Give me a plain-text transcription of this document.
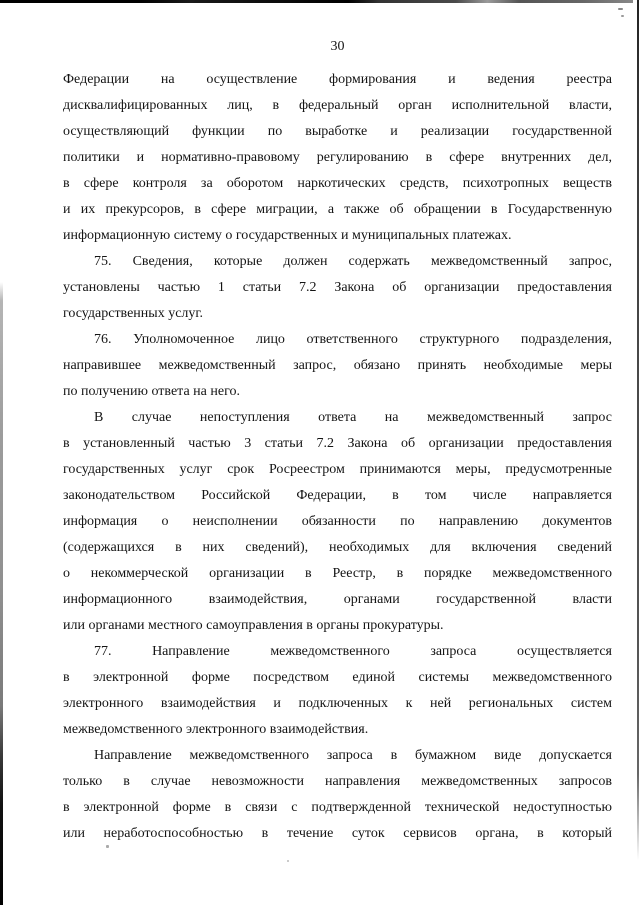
30

Федерации на осуществление формирования и ведения реестра
дисквалифицированных лиц, в федеральный орган исполнительной власти,
осуществляющий функции по выработке и реализации государственной
политики и нормативно-правовому регулированию в сфере внутренних дел,
в сфере контроля за оборотом наркотических средств, психотропных веществ
и их прекурсоров, в сфере миграции, а также об обращении в Государственную
информационную систему о государственных и муниципальных платежах.

75. Сведения, которые должен содержать межведомственный запрос,
установлены частью 1 статьи 7.2 Закона об организации предоставления
государственных услуг.

76. Уполномоченное лицо ответственного структурного подразделения,
направившее межведомственный запрос, обязано принять необходимые меры
по получению ответа на него.

В случае непоступления ответа на межведомственный запрос
в установленный частью 3 статьи 7.2 Закона об организации предоставления
государственных услуг срок Росреестром принимаются меры, предусмотренные
законодательством Российской Федерации, в том числе направляется
информация о неисполнении обязанности по направлению документов
(содержащихся в них сведений), необходимых для включения сведений
о некоммерческой организации в Реестр, в порядке межведомственного
информационного взаимодействия, органами государственной власти
или органами местного самоуправления в органы прокуратуры.

77. Направление межведомственного запроса осуществляется
в электронной форме посредством единой системы межведомственного
электронного взаимодействия и подключенных к ней региональных систем
межведомственного электронного взаимодействия.

Направление межведомственного запроса в бумажном виде допускается
только в случае невозможности направления межведомственных запросов
в электронной форме в связи с подтвержденной технической недоступностью
или неработоспособностью в течение суток сервисов органа, в который
